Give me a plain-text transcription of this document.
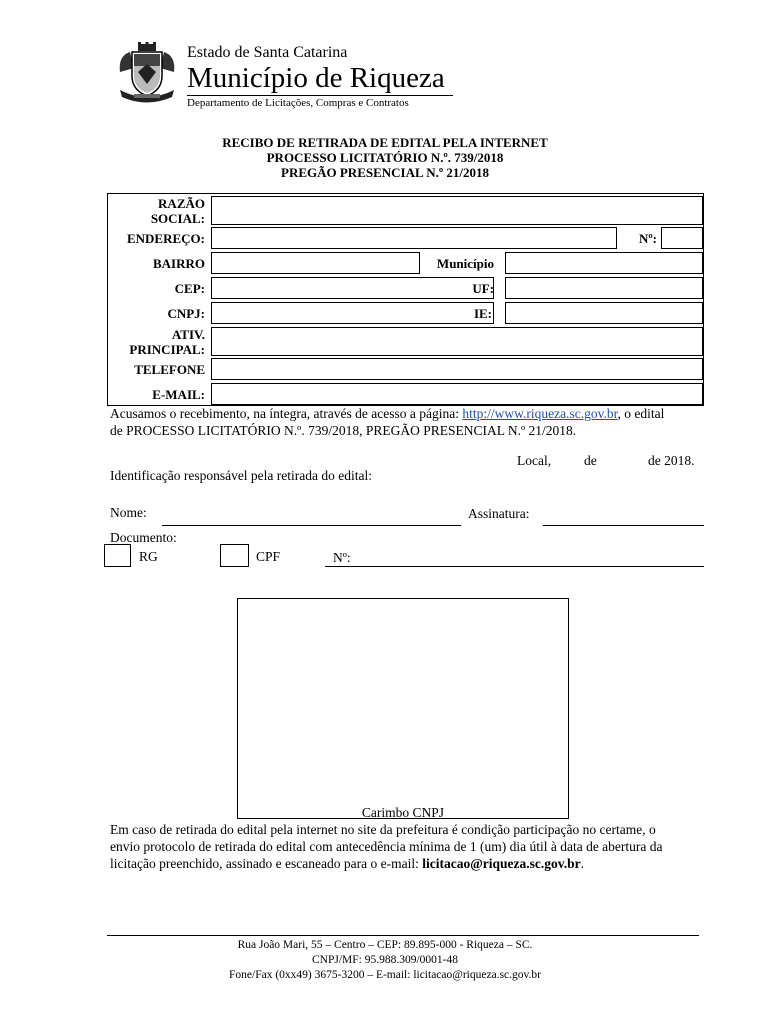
Estado de Santa Catarina
Município de Riqueza
Departamento de Licitações, Compras e Contratos
RECIBO DE RETIRADA DE EDITAL PELA INTERNET
PROCESSO LICITATÓRIO N.º. 739/2018
PREGÃO PRESENCIAL N.º 21/2018
RAZÃO
SOCIAL:
ENDEREÇO:	Nº:
BAIRRO	Município
CEP:	UF:
CNPJ:	IE:
ATIV.
PRINCIPAL:
TELEFONE
E-MAIL:
Acusamos o recebimento, na íntegra, através de acesso a página: http://www.riqueza.sc.gov.br, o edital
de PROCESSO LICITATÓRIO N.º. 739/2018, PREGÃO PRESENCIAL N.º 21/2018.
Local, de	de 2018.
Identificação responsável pela retirada do edital:
Nome:	Assinatura:
Documento:
RG	CPF	Nº:
Carimbo CNPJ
Em caso de retirada do edital pela internet no site da prefeitura é condição participação no certame, o
envio protocolo de retirada do edital com antecedência mínima de 1 (um) dia útil à data de abertura da
licitação preenchido, assinado e escaneado para o e-mail: licitacao@riqueza.sc.gov.br.
Rua João Mari, 55 – Centro – CEP: 89.895-000 - Riqueza – SC.
CNPJ/MF: 95.988.309/0001-48
Fone/Fax (0xx49) 3675-3200 – E-mail: licitacao@riqueza.sc.gov.br
